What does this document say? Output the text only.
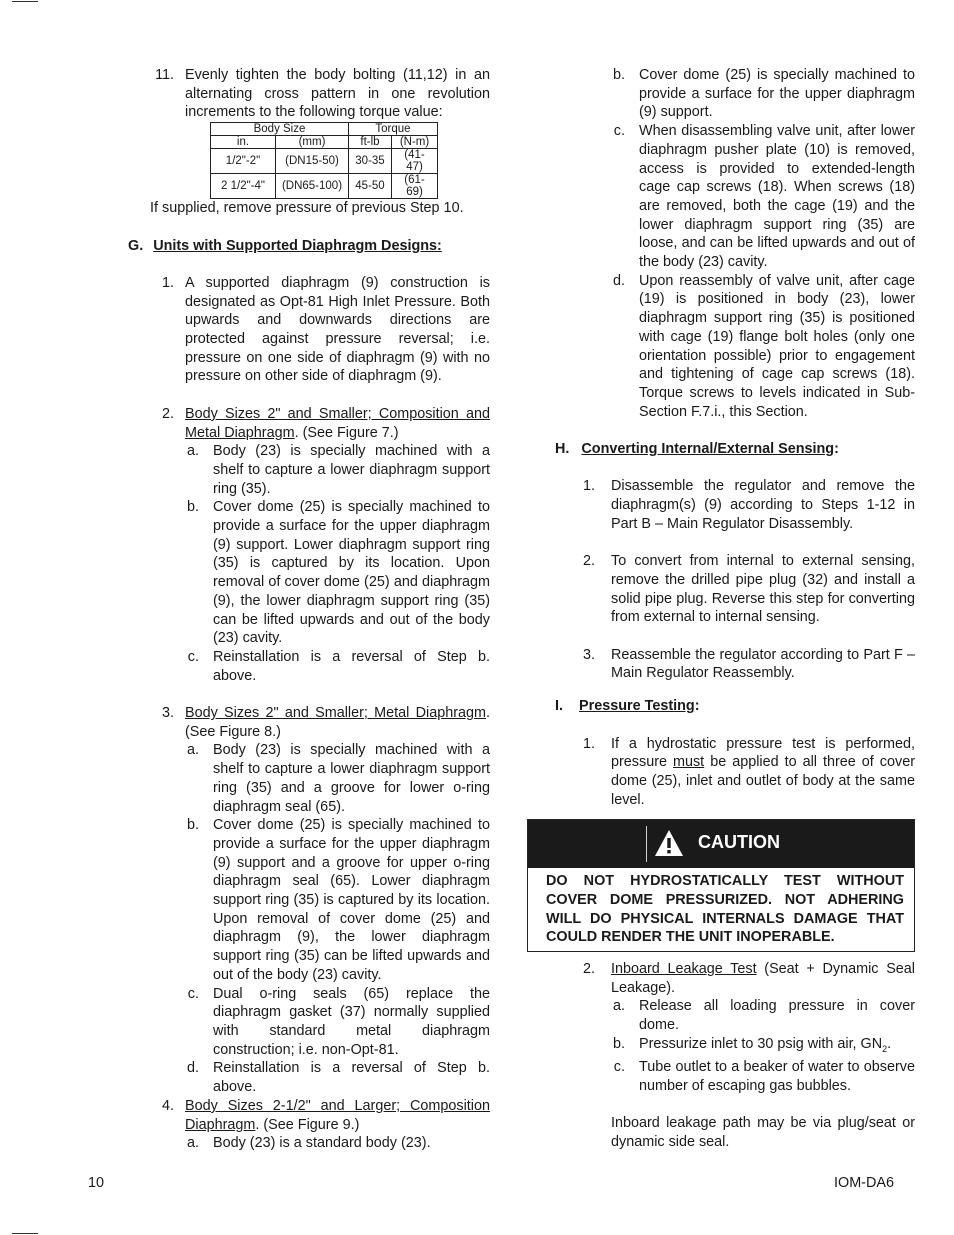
11. Evenly tighten the body bolting (11,12) in an alternating cross pattern in one revolution increments to the following torque value:

Body Size		Torque	
in.	(mm)	ft-lb	(N-m)
1/2"-2"	(DN15-50)	30-35	(41-47)
2 1/2"-4"	(DN65-100)	45-50	(61-69)

If supplied, remove pressure of previous Step 10.

G. Units with Supported Diaphragm Designs:

1. A supported diaphragm (9) construction is designated as Opt-81 High Inlet Pressure. Both upwards and downwards directions are protected against pressure reversal; i.e. pressure on one side of diaphragm (9) with no pressure on other side of diaphragm (9).

2. Body Sizes 2" and Smaller; Composition and Metal Diaphragm. (See Figure 7.)

a. Body (23) is specially machined with a shelf to capture a lower diaphragm support ring (35).

b. Cover dome (25) is specially machined to provide a surface for the upper diaphragm (9) support. Lower diaphragm support ring (35) is captured by its location. Upon removal of cover dome (25) and diaphragm (9), the lower diaphragm support ring (35) can be lifted upwards and out of the body (23) cavity.

c. Reinstallation is a reversal of Step b. above.

3. Body Sizes 2" and Smaller; Metal Diaphragm. (See Figure 8.)

a. Body (23) is specially machined with a shelf to capture a lower diaphragm support ring (35) and a groove for lower o-ring diaphragm seal (65).

b. Cover dome (25) is specially machined to provide a surface for the upper diaphragm (9) support and a groove for upper o-ring diaphragm seal (65). Lower diaphragm support ring (35) is captured by its location. Upon removal of cover dome (25) and diaphragm (9), the lower diaphragm support ring (35) can be lifted upwards and out of the body (23) cavity.

c. Dual o-ring seals (65) replace the diaphragm gasket (37) normally supplied with standard metal diaphragm construction; i.e. non-Opt-81.

d. Reinstallation is a reversal of Step b. above.

4. Body Sizes 2-1/2" and Larger; Composition Diaphragm. (See Figure 9.)

a. Body (23) is a standard body (23).

b. Cover dome (25) is specially machined to provide a surface for the upper diaphragm (9) support.

c. When disassembling valve unit, after lower diaphragm pusher plate (10) is removed, access is provided to extended-length cage cap screws (18). When screws (18) are removed, both the cage (19) and the lower diaphragm support ring (35) are loose, and can be lifted upwards and out of the body (23) cavity.

d. Upon reassembly of valve unit, after cage (19) is positioned in body (23), lower diaphragm support ring (35) is positioned with cage (19) flange bolt holes (only one orientation possible) prior to engagement and tightening of cage cap screws (18). Torque screws to levels indicated in Sub-Section F.7.i., this Section.

H. Converting Internal/External Sensing:

1. Disassemble the regulator and remove the diaphragm(s) (9) according to Steps 1-12 in Part B – Main Regulator Disassembly.

2. To convert from internal to external sensing, remove the drilled pipe plug (32) and install a solid pipe plug. Reverse this step for converting from external to internal sensing.

3. Reassemble the regulator according to Part F – Main Regulator Reassembly.

I. Pressure Testing:

1. If a hydrostatic pressure test is performed, pressure must be applied to all three of cover dome (25), inlet and outlet of body at the same level.

CAUTION
DO NOT HYDROSTATICALLY TEST WITHOUT COVER DOME PRESSURIZED. NOT ADHERING WILL DO PHYSICAL INTERNALS DAMAGE THAT COULD RENDER THE UNIT INOPERABLE.

2. Inboard Leakage Test (Seat + Dynamic Seal Leakage).

a. Release all loading pressure in cover dome.

b. Pressurize inlet to 30 psig with air, $GN_2$.

c. Tube outlet to a beaker of water to observe number of escaping gas bubbles.

Inboard leakage path may be via plug/seat or dynamic side seal.

10	IOM-DA6
